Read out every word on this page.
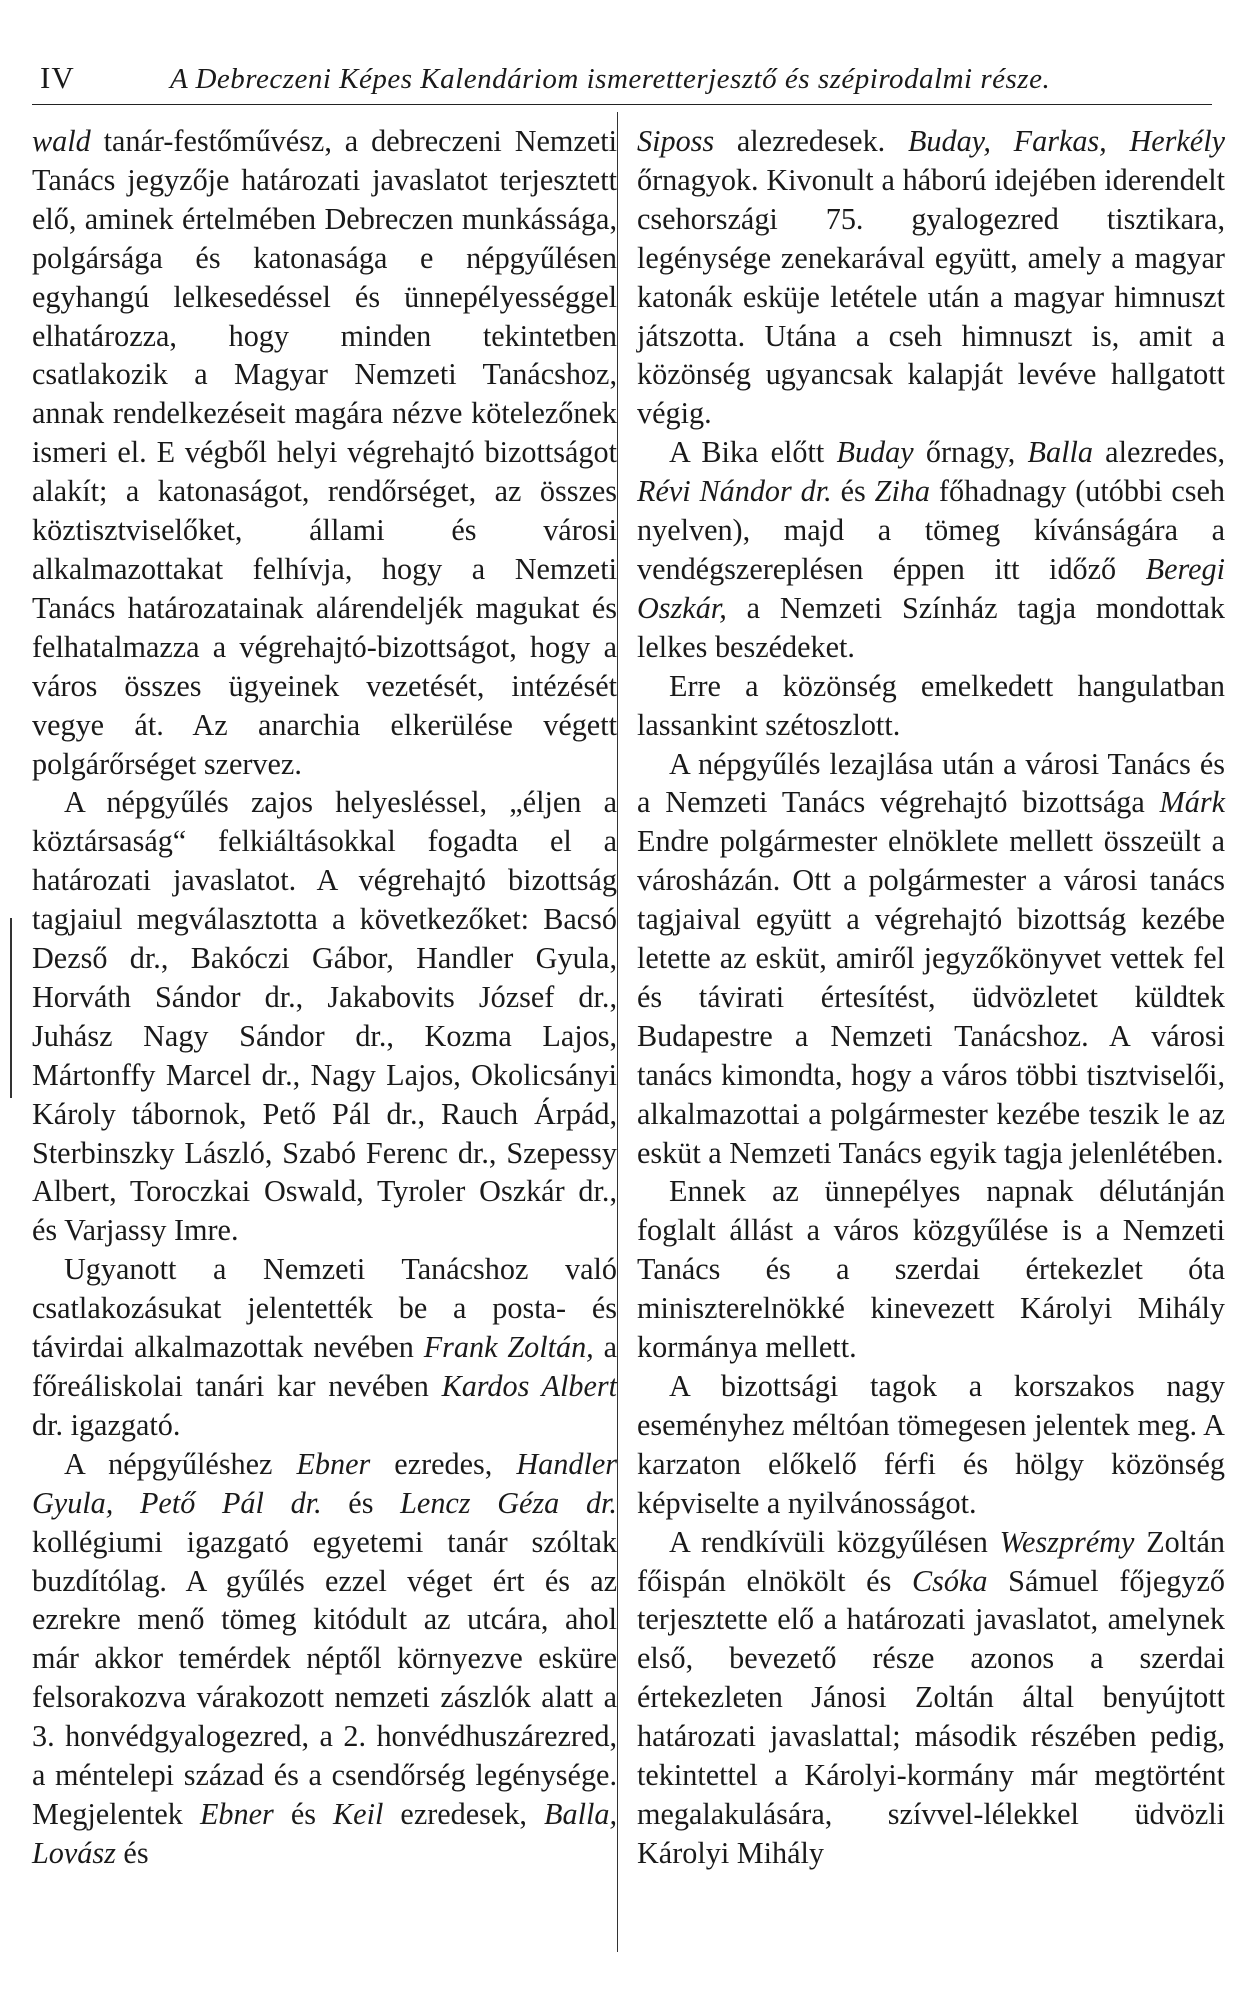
IV	A Debreczeni Képes Kalendáriom ismeretterjesztő és szépirodalmi része.

wald tanár-festőművész, a debreczeni Nemzeti Tanács jegyzője határozati javaslatot terjesztett elő, aminek értelmében Debreczen munkássága, polgársága és katonasága e népgyűlésen egyhangú lelkesedéssel és ünnepélyességgel elhatározza, hogy minden tekintetben csatlakozik a Magyar Nemzeti Tanácshoz, annak rendelkezéseit magára nézve kötelezőnek ismeri el. E végből helyi végrehajtó bizottságot alakít; a katonaságot, rendőrséget, az összes köztisztviselőket, állami és városi alkalmazottakat felhívja, hogy a Nemzeti Tanács határozatainak alárendeljék magukat és felhatalmazza a végrehajtó-bizottságot, hogy a város összes ügyeinek vezetését, intézését vegye át. Az anarchia elkerülése végett polgárőrséget szervez.

A népgyűlés zajos helyesléssel, „éljen a köztársaság“ felkiáltásokkal fogadta el a határozati javaslatot. A végrehajtó bizottság tagjaiul megválasztotta a következőket: Bacsó Dezső dr., Bakóczi Gábor, Handler Gyula, Horváth Sándor dr., Jakabovits József dr., Juhász Nagy Sándor dr., Kozma Lajos, Mártonffy Marcel dr., Nagy Lajos, Okolicsányi Károly tábornok, Pető Pál dr., Rauch Árpád, Sterbinszky László, Szabó Ferenc dr., Szepessy Albert, Toroczkai Oswald, Tyroler Oszkár dr., és Varjassy Imre.

Ugyanott a Nemzeti Tanácshoz való csatlakozásukat jelentették be a posta- és távirdai alkalmazottak nevében Frank Zoltán, a főreáliskolai tanári kar nevében Kardos Albert dr. igazgató.

A népgyűléshez Ebner ezredes, Handler Gyula, Pető Pál dr. és Lencz Géza dr. kollégiumi igazgató egyetemi tanár szóltak buzdítólag. A gyűlés ezzel véget ért és az ezrekre menő tömeg kitódult az utcára, ahol már akkor temérdek néptől környezve esküre felsorakozva várakozott nemzeti zászlók alatt a 3. honvédgyalogezred, a 2. honvédhuszárezred, a méntelepi század és a csendőrség legénysége. Megjelentek Ebner és Keil ezredesek, Balla, Lovász és

Siposs alezredesek. Buday, Farkas, Herkély őrnagyok. Kivonult a háború idejében iderendelt csehországi 75. gyalogezred tisztikara, legénysége zenekarával együtt, amely a magyar katonák esküje letétele után a magyar himnuszt játszotta. Utána a cseh himnuszt is, amit a közönség ugyancsak kalapját levéve hallgatott végig.

A Bika előtt Buday őrnagy, Balla alezredes, Révi Nándor dr. és Ziha főhadnagy (utóbbi cseh nyelven), majd a tömeg kívánságára a vendégszereplésen éppen itt időző Beregi Oszkár, a Nemzeti Színház tagja mondottak lelkes beszédeket.

Erre a közönség emelkedett hangulatban lassankint szétoszlott.

A népgyűlés lezajlása után a városi Tanács és a Nemzeti Tanács végrehajtó bizottsága Márk Endre polgármester elnöklete mellett összeült a városházán. Ott a polgármester a városi tanács tagjaival együtt a végrehajtó bizottság kezébe letette az esküt, amiről jegyzőkönyvet vettek fel és távirati értesítést, üdvözletet küldtek Budapestre a Nemzeti Tanácshoz. A városi tanács kimondta, hogy a város többi tisztviselői, alkalmazottai a polgármester kezébe teszik le az esküt a Nemzeti Tanács egyik tagja jelenlétében.

Ennek az ünnepélyes napnak délutánján foglalt állást a város közgyűlése is a Nemzeti Tanács és a szerdai értekezlet óta miniszterelnökké kinevezett Károlyi Mihály kormánya mellett.

A bizottsági tagok a korszakos nagy eseményhez méltóan tömegesen jelentek meg. A karzaton előkelő férfi és hölgy közönség képviselte a nyilvánosságot.

A rendkívüli közgyűlésen Weszprémy Zoltán főispán elnökölt és Csóka Sámuel főjegyző terjesztette elő a határozati javaslatot, amelynek első, bevezető része azonos a szerdai értekezleten Jánosi Zoltán által benyújtott határozati javaslattal; második részében pedig, tekintettel a Károlyi-kormány már megtörtént megalakulására, szívvel-lélekkel üdvözli Károlyi Mihály
